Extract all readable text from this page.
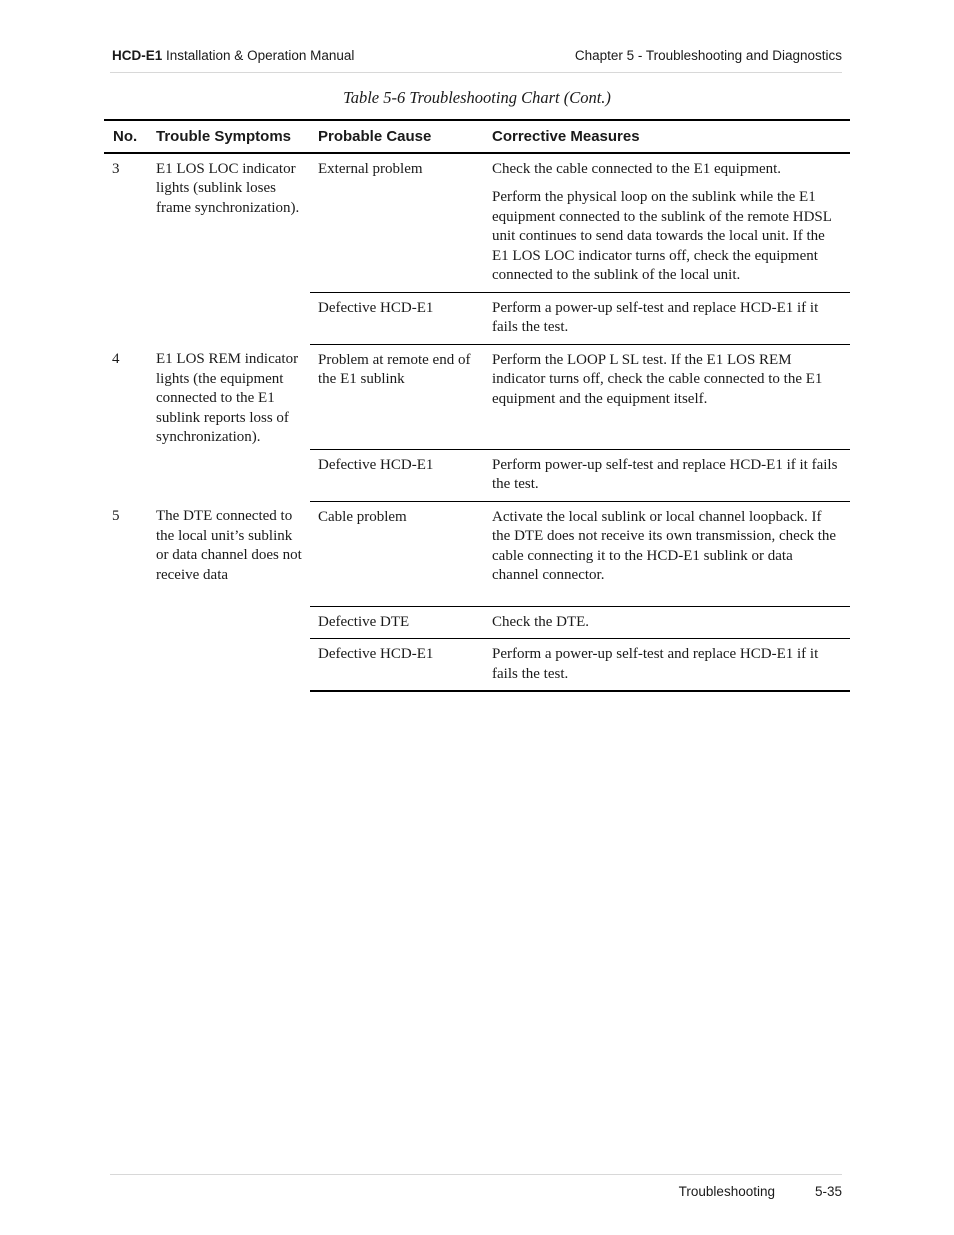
HCD-E1 Installation & Operation Manual	Chapter 5 - Troubleshooting and Diagnostics
Table 5-6 Troubleshooting Chart (Cont.)
No.	Trouble Symptoms	Probable Cause	Corrective Measures
3	E1 LOS LOC indicator lights (sublink loses frame synchronization).	External problem	Check the cable connected to the E1 equipment.

Perform the physical loop on the sublink while the E1 equipment connected to the sublink of the remote HDSL unit continues to send data towards the local unit. If the E1 LOS LOC indicator turns off, check the equipment connected to the sublink of the local unit.

		Defective HCD-E1	Perform a power-up self-test and replace HCD-E1 if it fails the test.

4	E1 LOS REM indicator lights (the equipment connected to the E1 sublink reports loss of synchronization).	Problem at remote end of the E1 sublink	Perform the LOOP L SL test. If the E1 LOS REM indicator turns off, check the cable connected to the E1 equipment and the equipment itself.

		Defective HCD-E1	Perform power-up self-test and replace HCD-E1 if it fails the test.

5	The DTE connected to the local unit’s sublink or data channel does not receive data	Cable problem	Activate the local sublink or local channel loopback. If the DTE does not receive its own transmission, check the cable connecting it to the HCD-E1 sublink or data channel connector.

		Defective DTE	Check the DTE.

		Defective HCD-E1	Perform a power-up self-test and replace HCD-E1 if it fails the test.

Troubleshooting	5-35
